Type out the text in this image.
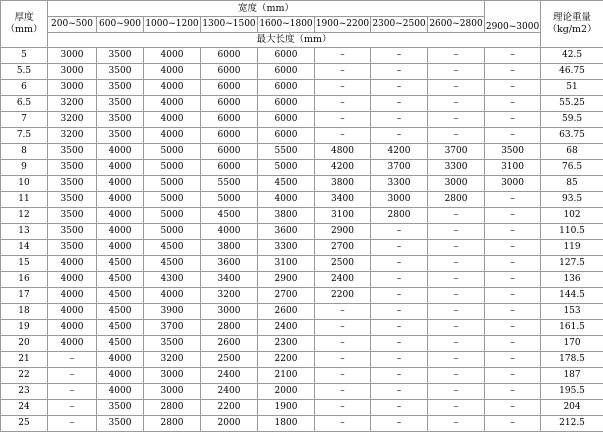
厚度
（mm）	宽度（mm）								2900~3000	理论重量
（kg/m2）

	200~500	600~900	1000~1200	1300~1500	1600~1800	1900~2200	2300~2500	2600~2800		
	最大长度（mm）									
5	3000	3500	4000	6000	6000	–	–	–	–	42.5
5.5	3000	3500	4000	6000	6000	–	–	–	–	46.75
6	3000	3500	4000	6000	6000	–	–	–	–	51
6.5	3200	3500	4000	6000	6000	–	–	–	–	55.25
7	3200	3500	4000	6000	6000	–	–	–	–	59.5
7.5	3200	3500	4000	6000	6000	–	–	–	–	63.75
8	3500	4000	5000	6000	5500	4800	4200	3700	3500	68
9	3500	4000	5000	6000	5000	4200	3700	3300	3100	76.5
10	3500	4000	5000	5500	4500	3800	3300	3000	3000	85
11	3500	4000	5000	5000	4000	3400	3000	2800	–	93.5
12	3500	4000	5000	4500	3800	3100	2800	–	–	102
13	3500	4000	5000	4000	3600	2900	–	–	–	110.5
14	3500	4000	4500	3800	3300	2700	–	–	–	119
15	4000	4500	4500	3600	3100	2500	–	–	–	127.5
16	4000	4500	4300	3400	2900	2400	–	–	–	136
17	4000	4500	4000	3200	2700	2200	–	–	–	144.5
18	4000	4500	3900	3000	2600	–	–	–	–	153
19	4000	4500	3700	2800	2400	–	–	–	–	161.5
20	4000	4500	3500	2600	2300	–	–	–	–	170
21	–	4000	3200	2500	2200	–	–	–	–	178.5
22	–	4000	3000	2400	2100	–	–	–	–	187
23	–	4000	3000	2400	2000	–	–	–	–	195.5
24	–	3500	2800	2200	1900	–	–	–	–	204
25	–	3500	2800	2000	1800	–	–	–	–	212.5
